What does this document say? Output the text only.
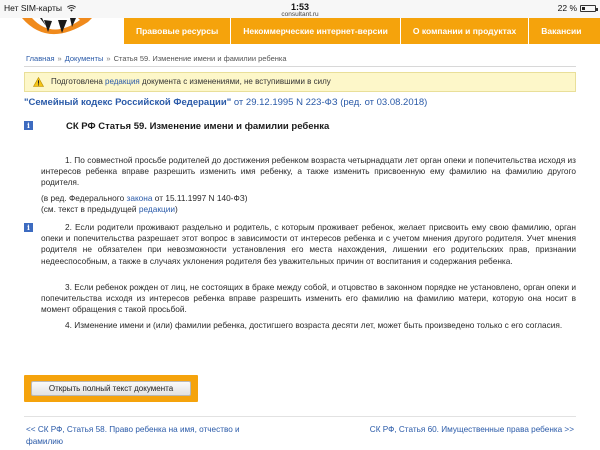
Нет SIM-карты	1:53
consultant.ru
22 %
Правовые ресурсы	Некоммерческие интернет-версии	О компании и продуктах	Вакансии
Главная » Документы » Статья 59. Изменение имени и фамилии ребенка
Подготовлена редакция документа с изменениями, не вступившими в силу
"Семейный кодекс Российской Федерации" от 29.12.1995 N 223-ФЗ (ред. от 03.08.2018)
i	СК РФ Статья 59. Изменение имени и фамилии ребенка
1. По совместной просьбе родителей до достижения ребенком возраста четырнадцати лет орган опеки и попечительства исходя из интересов ребенка вправе разрешить изменить имя ребенку, а также изменить присвоенную ему фамилию на фамилию другого родителя.
(в ред. Федерального закона от 15.11.1997 N 140-ФЗ)
(см. текст в предыдущей редакции)
i	2. Если родители проживают раздельно и родитель, с которым проживает ребенок, желает присвоить ему свою фамилию, орган опеки и попечительства разрешает этот вопрос в зависимости от интересов ребенка и с учетом мнения другого родителя. Учет мнения родителя не обязателен при невозможности установления его места нахождения, лишении его родительских прав, признании недееспособным, а также в случаях уклонения родителя без уважительных причин от воспитания и содержания ребенка.
3. Если ребенок рожден от лиц, не состоящих в браке между собой, и отцовство в законном порядке не установлено, орган опеки и попечительства исходя из интересов ребенка вправе разрешить изменить его фамилию на фамилию матери, которую она носит в момент обращения с такой просьбой.
4. Изменение имени и (или) фамилии ребенка, достигшего возраста десяти лет, может быть произведено только с его согласия.
Открыть полный текст документа
<< СК РФ, Статья 58. Право ребенка на имя, отчество и фамилию
СК РФ, Статья 60. Имущественные права ребенка >>
